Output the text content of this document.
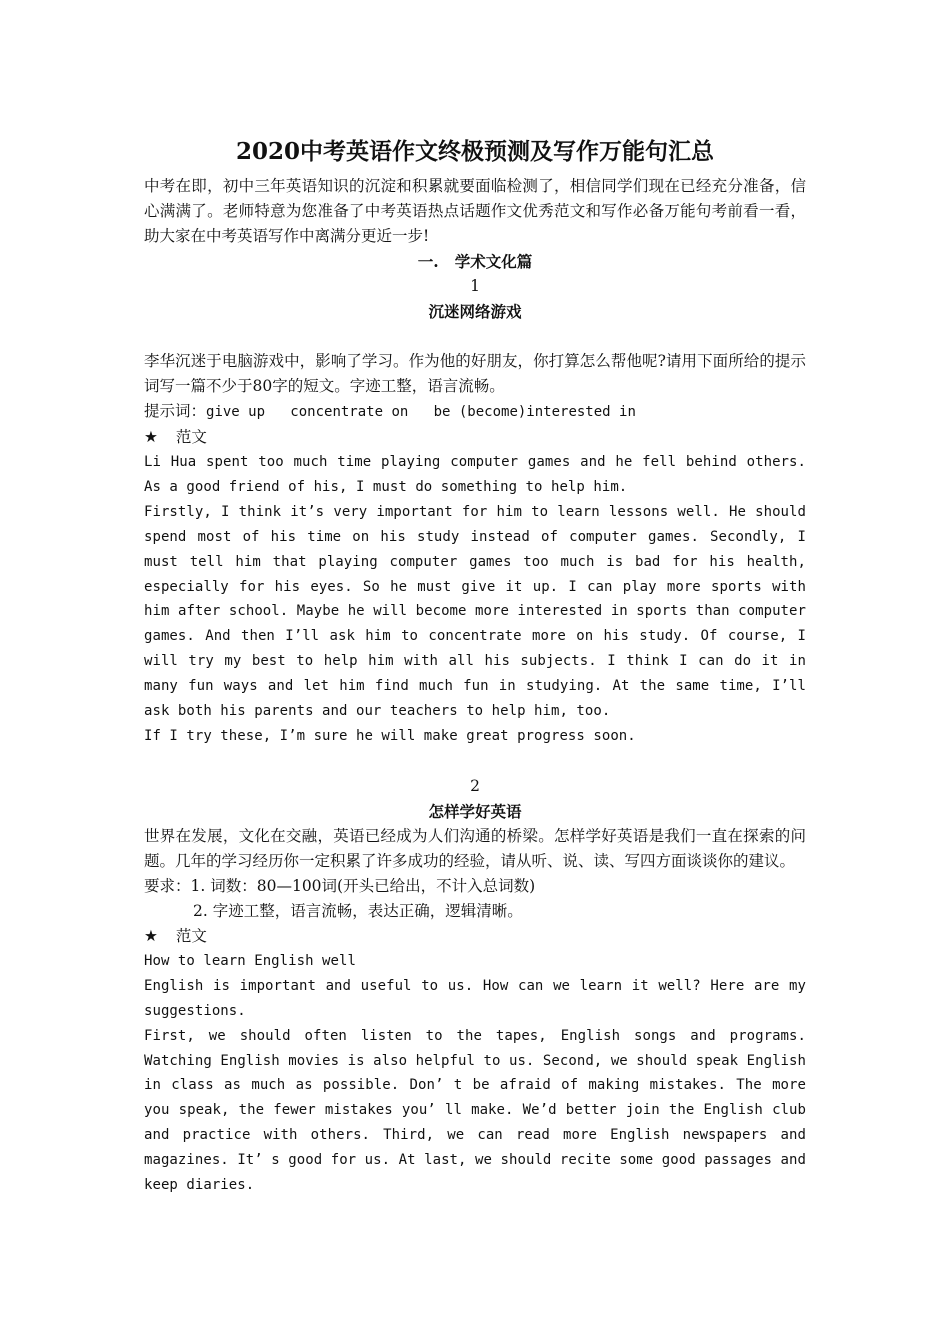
2020中考英语作文终极预测及写作万能句汇总

中考在即，初中三年英语知识的沉淀和积累就要面临检测了，相信同学们现在已经充分准备，信心满满了。老师特意为您准备了中考英语热点话题作文优秀范文和写作必备万能句考前看一看，助大家在中考英语写作中离满分更近一步!

一.   学术文化篇

1

沉迷网络游戏

李华沉迷于电脑游戏中，影响了学习。作为他的好朋友，你打算怎么帮他呢?请用下面所给的提示词写一篇不少于80字的短文。字迹工整，语言流畅。

提示词：give up   concentrate on   be (become)interested in

★ 范文

Li Hua spent too much time playing computer games and he fell behind others. As a good friend of his, I must do something to help him.

Firstly, I think it’s very important for him to learn lessons well. He should spend most of his time on his study instead of computer games. Secondly, I must tell him that playing computer games too much is bad for his health, especially for his eyes. So he must give it up. I can play more sports with him after school. Maybe he will become more interested in sports than computer games. And then I’ll ask him to concentrate more on his study. Of course, I will try my best to help him with all his subjects. I think I can do it in many fun ways and let him find much fun in studying. At the same time, I’ll ask both his parents and our teachers to help him, too.

If I try these, I’m sure he will make great progress soon.

2

怎样学好英语

世界在发展，文化在交融，英语已经成为人们沟通的桥梁。怎样学好英语是我们一直在探索的问题。几年的学习经历你一定积累了许多成功的经验，请从听、说、读、写四方面谈谈你的建议。

要求：1. 词数：80—100词(开头已给出，不计入总词数)

2. 字迹工整，语言流畅，表达正确，逻辑清晰。

★ 范文

How to learn English well

English is important and useful to us. How can we learn it well? Here are my suggestions.

First, we should often listen to the tapes, English songs and programs. Watching English movies is also helpful to us. Second, we should speak English in class as much as possible. Don’ t be afraid of making mistakes. The more you speak, the fewer mistakes you’ ll make. We’d better join the English club and practice with others. Third, we can read more English newspapers and magazines. It’ s good for us. At last, we should recite some good passages and keep diaries.
